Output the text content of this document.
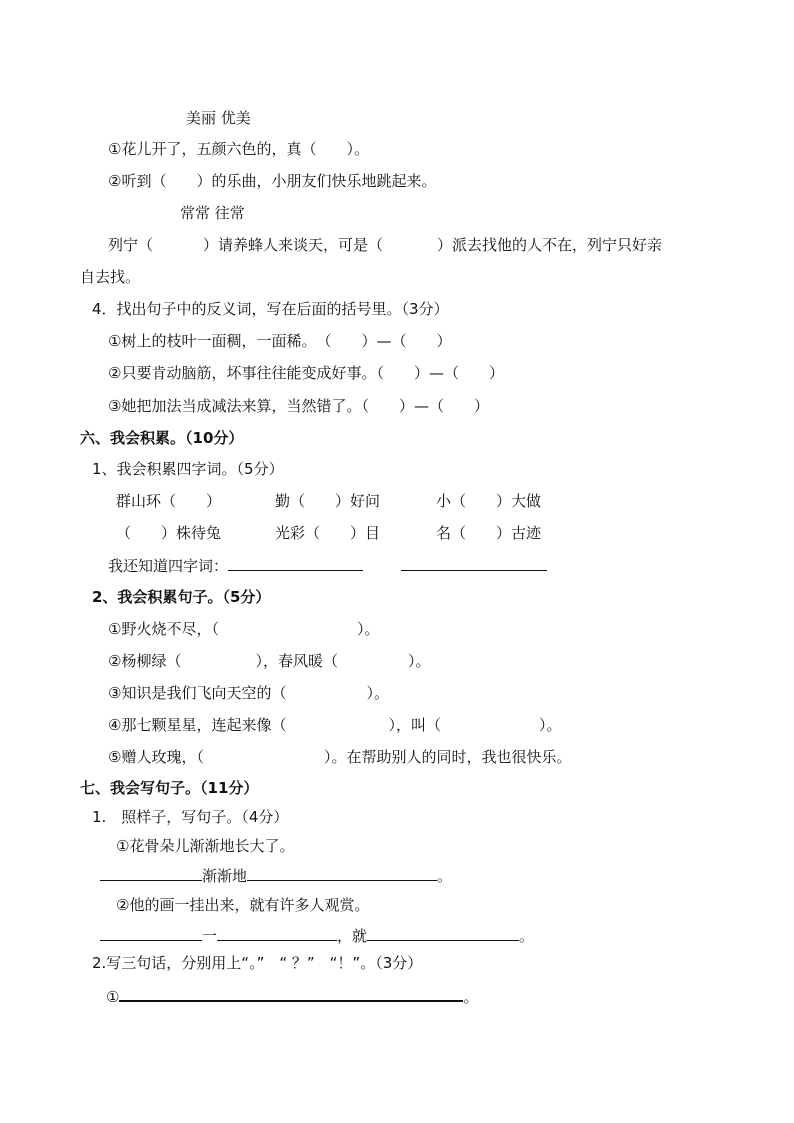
美丽 优美
①花儿开了，五颜六色的，真（　　）。
②听到（　　）的乐曲，小朋友们快乐地跳起来。
常常 往常
列宁（	）请养蜂人来谈天，可是（	）派去找他的人不在，列宁只好亲
自去找。
4．找出句子中的反义词，写在后面的括号里。（3分）
①树上的枝叶一面稠，一面稀。　（　　）—（　　）
②只要肯动脑筋，坏事往往能变成好事。（　　）—（　　）
③她把加法当成减法来算，当然错了。（　　）—（　　）
六、我会积累。（10分）
1、我会积累四字词。（5分）
群山环（　　）	勤（　　）好问	小（　　）大做
（　　）株待兔	光彩（　　）目	名（　　）古迹
我还知道四字词：
2、我会积累句子。（5分）
①野火烧不尽，（	）。
②杨柳绿（	），春风暖（	）。
③知识是我们飞向天空的（	）。
④那七颗星星，连起来像（	），叫（	）。
⑤赠人玫瑰，（	）。在帮助别人的同时，我也很快乐。
七、我会写句子。（11分）
1.　照样子，写句子。（4分）
①花骨朵儿渐渐地长大了。
渐渐地	。
②他的画一挂出来，就有许多人观赏。
一	，就	。
2.写三句话，分别用上“。”　“ ？”　“！”。（3分）
①	。
